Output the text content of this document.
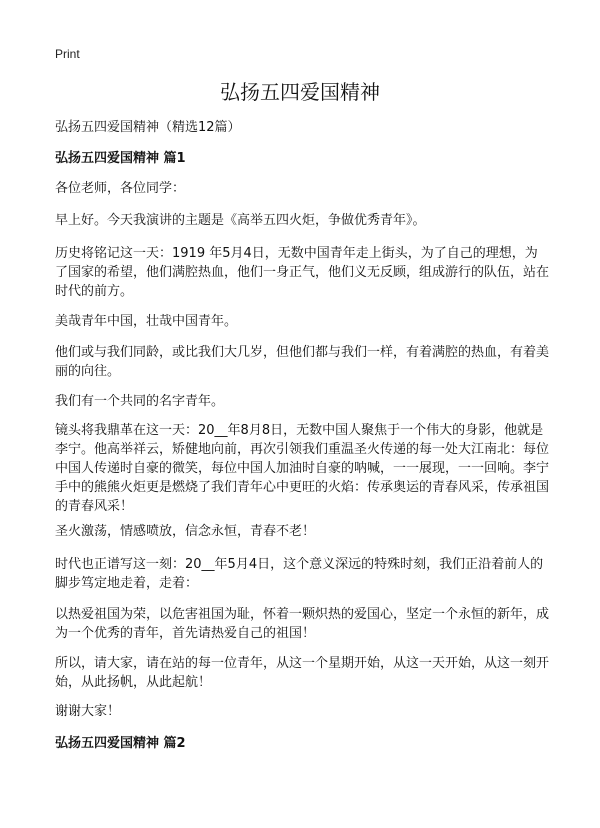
Print
弘扬五四爱国精神
弘扬五四爱国精神（精选12篇）
弘扬五四爱国精神 篇1

各位老师，各位同学：

早上好。今天我演讲的主题是《高举五四火炬，争做优秀青年》。

历史将铭记这一天：1919 年5月4日，无数中国青年走上街头，为了自己的理想，为了国家的希望，他们满腔热血，他们一身正气，他们义无反顾，组成游行的队伍，站在时代的前方。

美哉青年中国，壮哉中国青年。

他们或与我们同龄，或比我们大几岁，但他们都与我们一样，有着满腔的热血，有着美丽的向往。

我们有一个共同的名字青年。

镜头将我鼎革在这一天：20__年8月8日，无数中国人聚焦于一个伟大的身影，他就是李宁。他高举祥云，矫健地向前，再次引领我们重温圣火传递的每一处大江南北：每位中国人传递时自豪的微笑，每位中国人加油时自豪的呐喊，一一展现，一一回响。李宁手中的熊熊火炬更是燃烧了我们青年心中更旺的火焰：传承奥运的青春风采，传承祖国的青春风采！

圣火激荡，情感喷放，信念永恒，青春不老！

时代也正谱写这一刻：20__年5月4日，这个意义深远的特殊时刻，我们正沿着前人的脚步笃定地走着，走着：

以热爱祖国为荣，以危害祖国为耻，怀着一颗炽热的爱国心，坚定一个永恒的新年，成为一个优秀的青年，首先请热爱自己的祖国！

所以，请大家，请在站的每一位青年，从这一个星期开始，从这一天开始，从这一刻开始，从此扬帆，从此起航！

谢谢大家！

弘扬五四爱国精神 篇2
